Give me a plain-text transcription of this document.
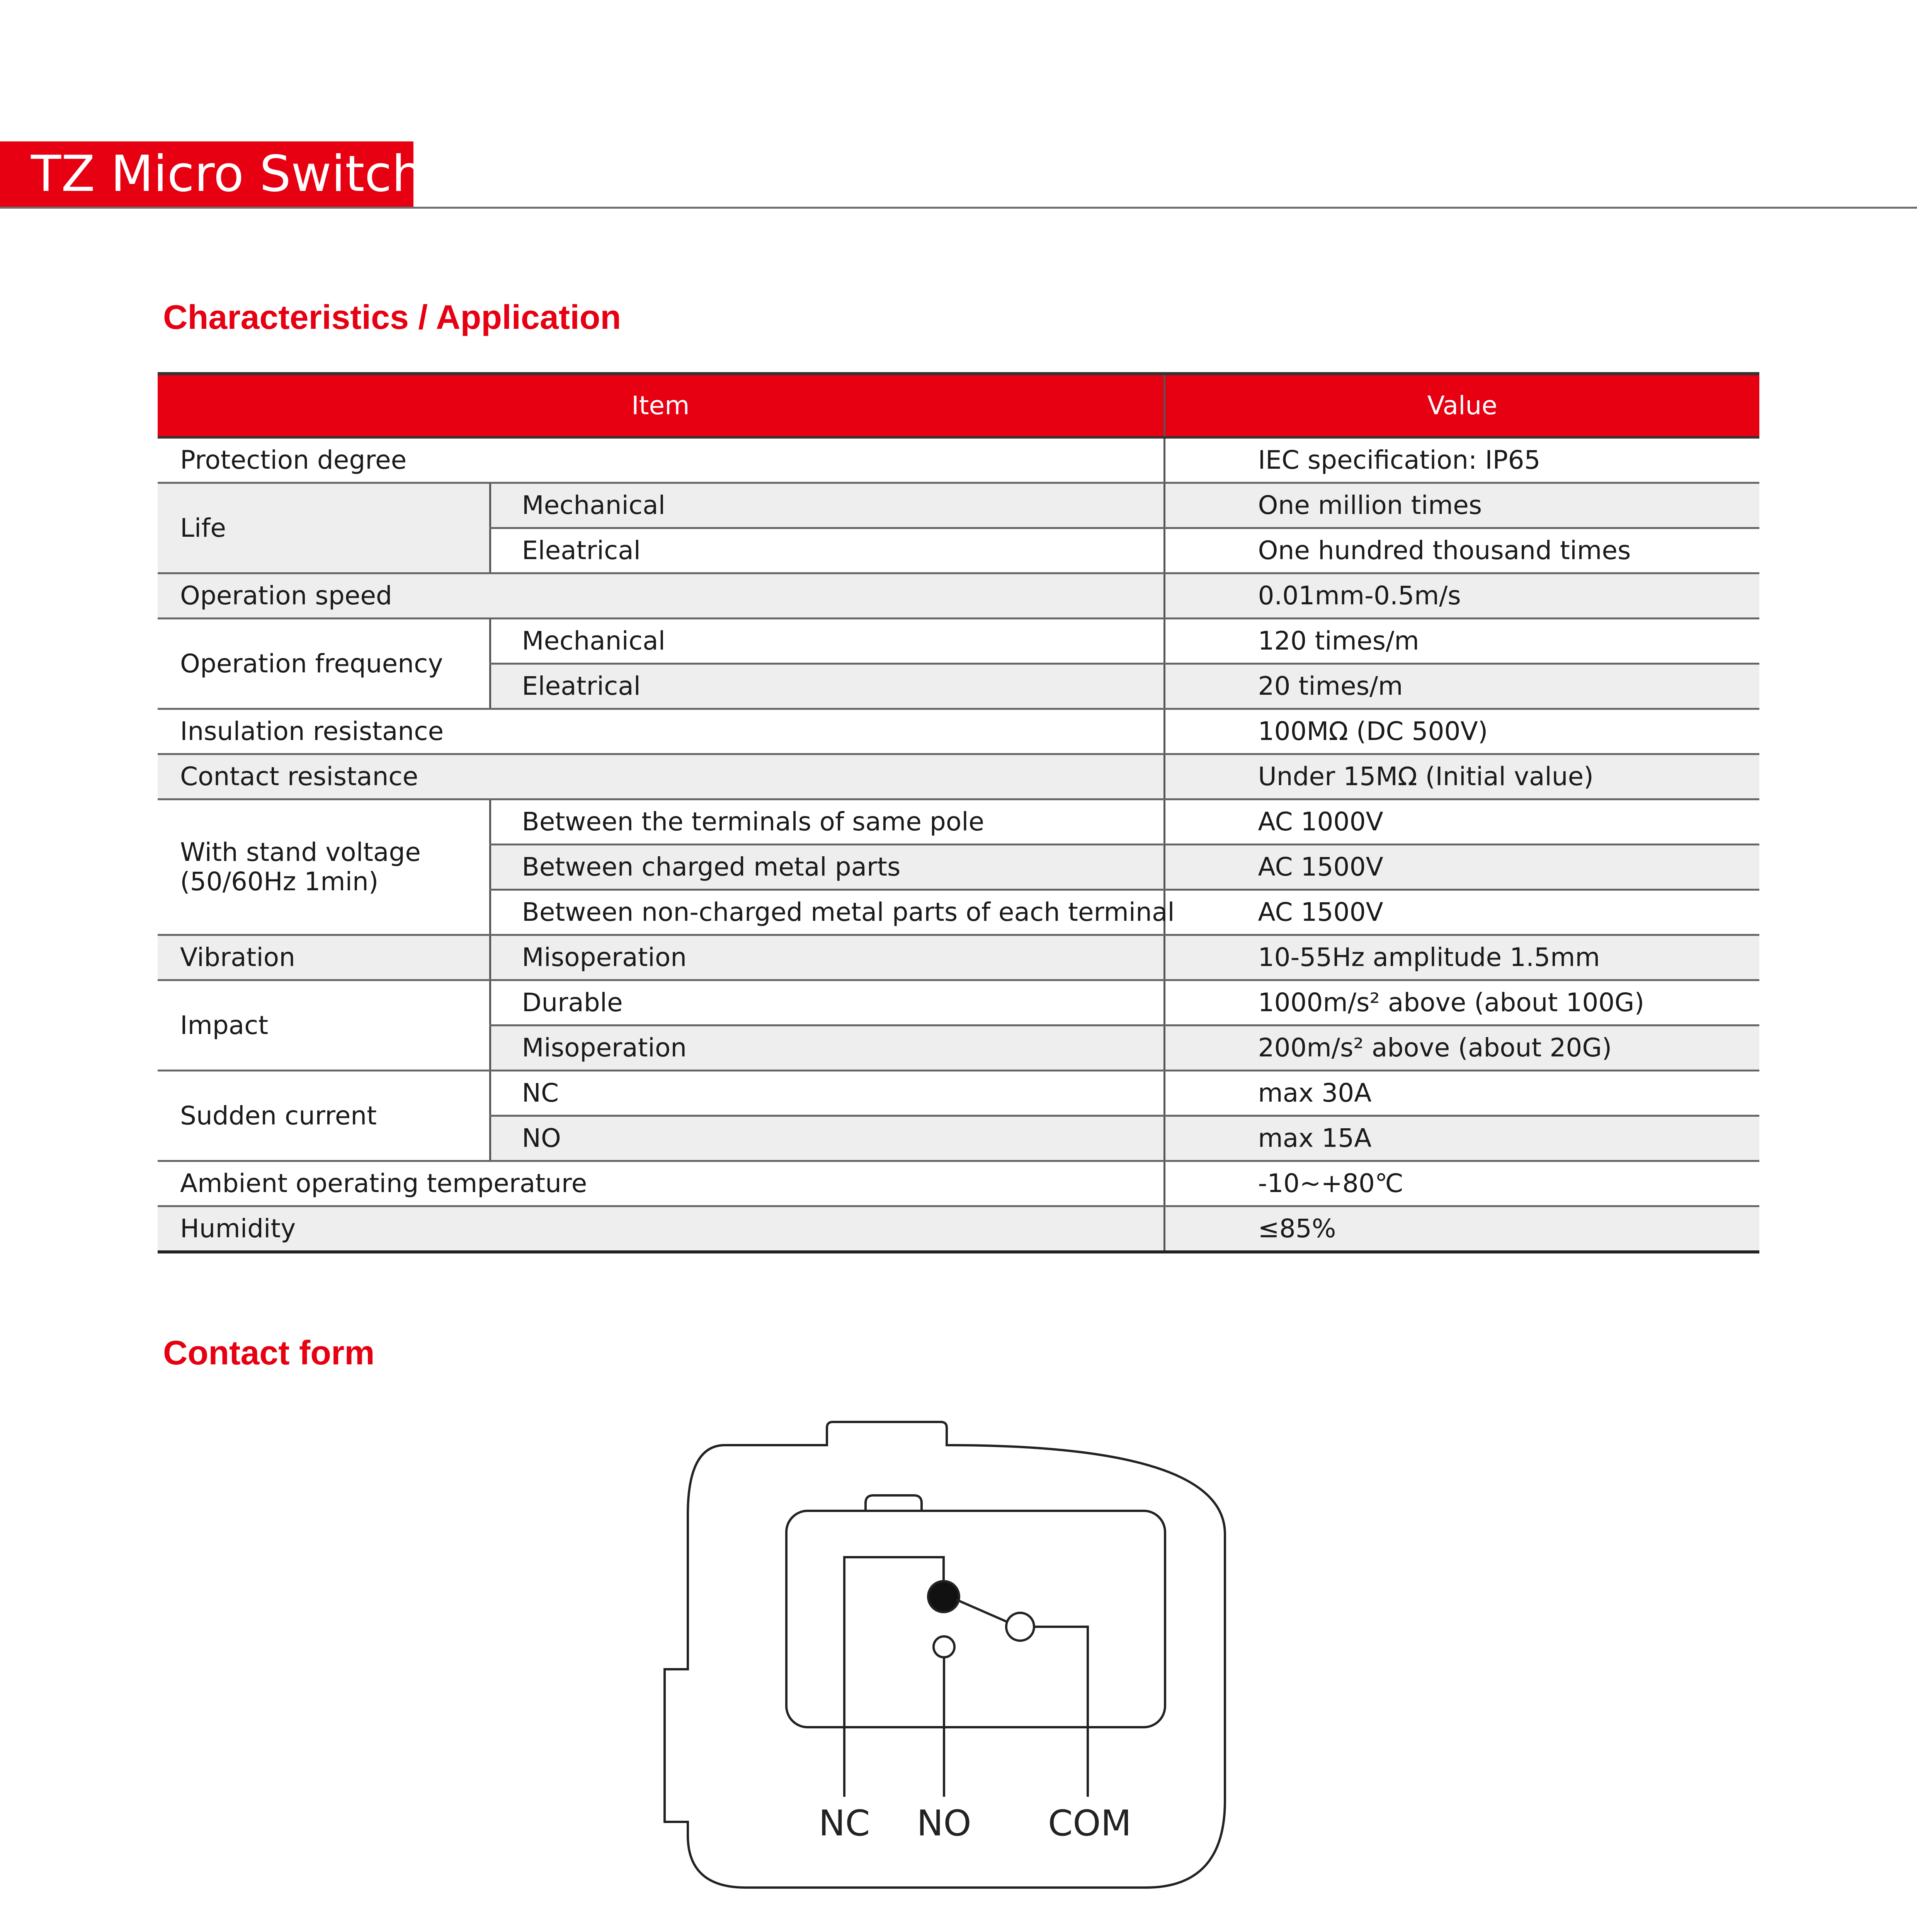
TZ Micro Switch
Characteristics / Application
Item		Value
Protection degree		IEC specification: IP65
Life	Mechanical	One million times
	Eleatrical	One hundred thousand times
Operation speed		0.01mm-0.5m/s
Operation frequency	Mechanical	120 times/m
	Eleatrical	20 times/m
Insulation resistance		100MΩ (DC 500V)
Contact resistance		Under 15MΩ (Initial value)

With stand voltage
(50/60Hz 1min)	Between the terminals of same pole	AC 1000V
	Between charged metal parts	AC 1500V
	Between non-charged metal parts of each terminal	AC 1500V
Vibration	Misoperation	10-55Hz amplitude 1.5mm
Impact	Durable	1000m/s² above (about 100G)
	Misoperation	200m/s² above (about 20G)
Sudden current	NC	max 30A
	NO	max 15A
Ambient operating temperature		-10~+80℃
Humidity		≤85%
Contact form
NC NO COM
